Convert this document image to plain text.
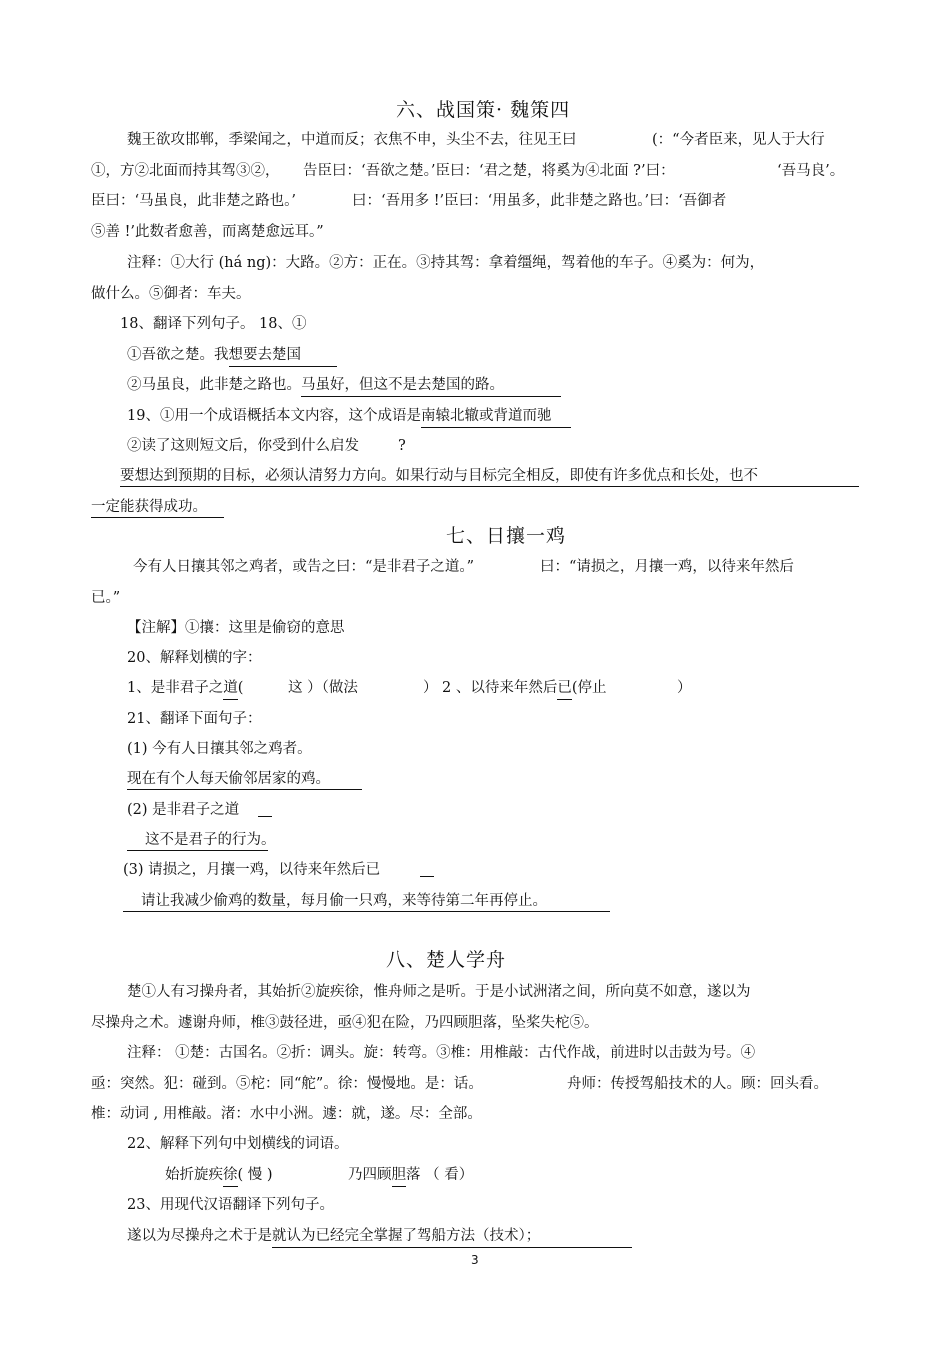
六、战国策· 魏策四
魏王欲攻邯郸，季梁闻之，中道而反；衣焦不申，头尘不去，往见王曰	(：“今者臣来，见人于大行
①，方②北面而持其驾③②， 告臣曰：‘吾欲之楚。’臣曰：‘君之楚，将奚为④北面 ?’曰：	‘吾马良’。
臣曰：‘马虽良，此非楚之路也。’	曰：‘吾用多 !’臣曰：‘用虽多，此非楚之路也。’曰：‘吾御者
⑤善 !’此数者愈善，而离楚愈远耳。”
注释：①大行 (há ng)：大路。②方：正在。③持其驾：拿着缰绳，驾着他的车子。④奚为：何为，
做什么。⑤御者：车夫。
18、翻译下列句子。 18、①
①吾欲之楚。我想要去楚国
②马虽良，此非楚之路也。马虽好，但这不是去楚国的路。
19、①用一个成语概括本文内容，这个成语是南辕北辙或背道而驰
②读了这则短文后，你受到什么启发	?
要想达到预期的目标，必须认清努力方向。如果行动与目标完全相反，即使有许多优点和长处，也不
一定能获得成功。
七、日攘一鸡
今有人日攘其邻之鸡者，或告之曰：“是非君子之道。”	曰：“请损之，月攘一鸡，以待来年然后
已。”
【注解】①攘：这里是偷窃的意思
20、解释划横的字：
1、是非君子之道(	这 ）（做法	） 2 、以待来年然后已(停止	）
21、翻译下面句子：
(1) 今有人日攘其邻之鸡者。
现在有个人每天偷邻居家的鸡。
(2) 是非君子之道
这不是君子的行为。
(3) 请损之，月攘一鸡，以待来年然后已
请让我减少偷鸡的数量，每月偷一只鸡，来等待第二年再停止。
八、楚人学舟
楚①人有习操舟者，其始折②旋疾徐，惟舟师之是听。于是小试洲渚之间，所向莫不如意，遂以为
尽操舟之术。遽谢舟师，椎③鼓径进，亟④犯在险，乃四顾胆落，坠桨失柁⑤。
注释： ①楚：古国名。②折：调头。旋：转弯。③椎：用椎敲：古代作战，前进时以击鼓为号。④
亟：突然。犯：碰到。⑤柁：同“舵”。徐：慢慢地。是：话。	舟师：传授驾船技术的人。顾：回头看。
椎：动词 , 用椎敲。渚：水中小洲。遽：就，遂。尽：全部。
22、解释下列句中划横线的词语。
始折旋疾徐( 慢 )	乃四顾胆落 （ 看）
23、用现代汉语翻译下列句子。
遂以为尽操舟之术于是就认为已经完全掌握了驾船方法（技术）；
3
